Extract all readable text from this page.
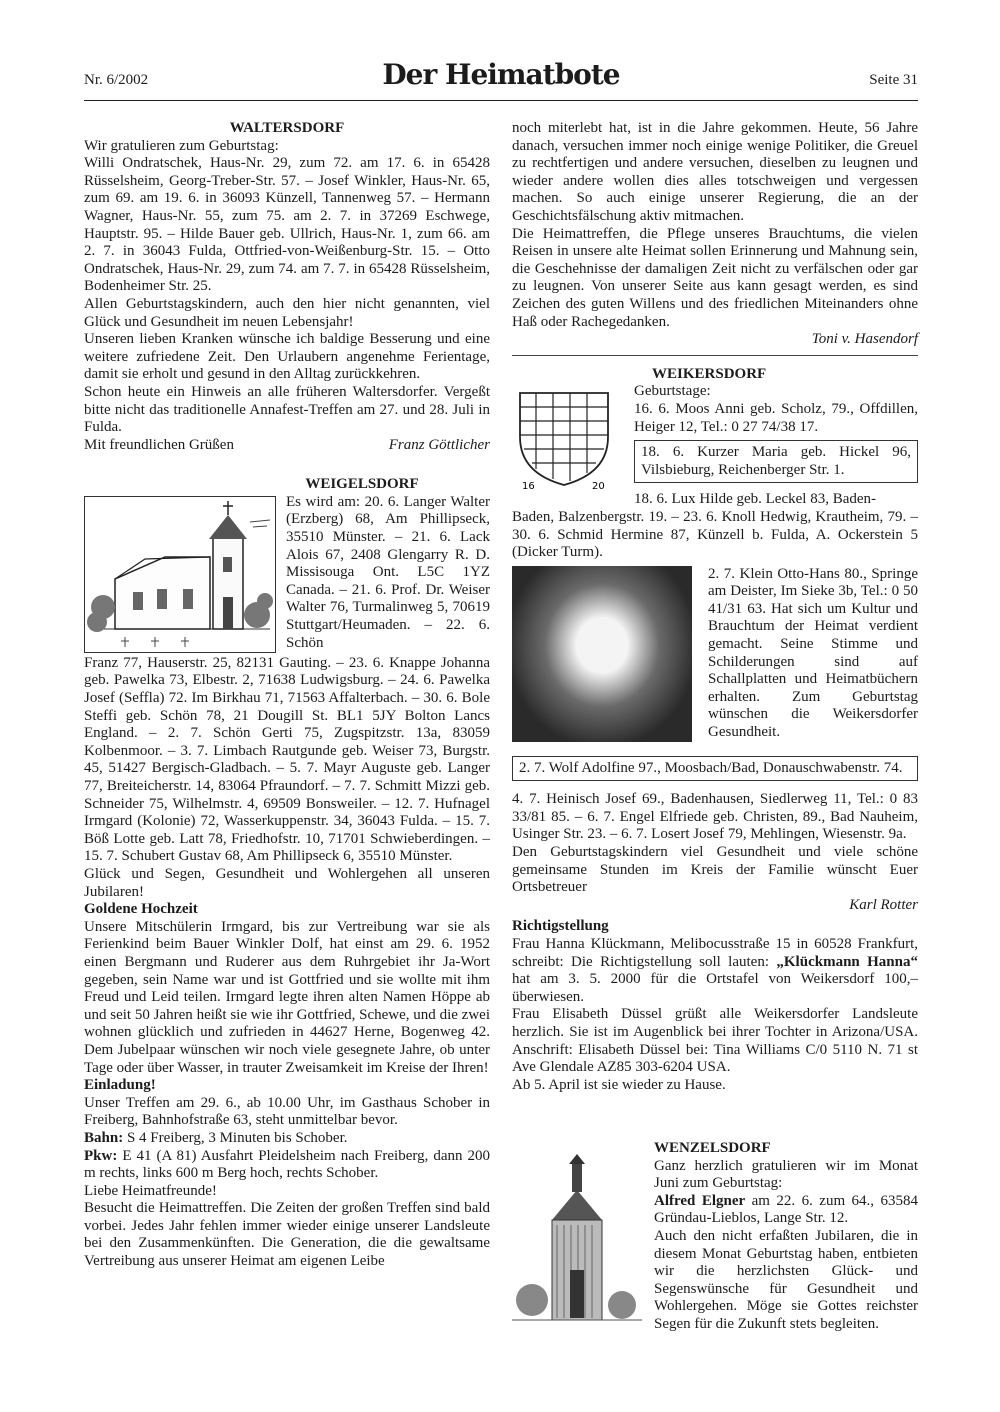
Nr. 6/2002	Der Heimatbote	Seite 31

WALTERSDORF

Wir gratulieren zum Geburtstag:

Willi Ondratschek, Haus-Nr. 29, zum 72. am 17. 6. in 65428 Rüsselsheim, Georg-Treber-Str. 57. – Josef Winkler, Haus-Nr. 65, zum 69. am 19. 6. in 36093 Künzell, Tannenweg 57. – Hermann Wagner, Haus-Nr. 55, zum 75. am 2. 7. in 37269 Eschwege, Hauptstr. 95. – Hilde Bauer geb. Ullrich, Haus-Nr. 1, zum 66. am 2. 7. in 36043 Fulda, Ottfried-von-Weißenburg-Str. 15. – Otto Ondratschek, Haus-Nr. 29, zum 74. am 7. 7. in 65428 Rüsselsheim, Bodenheimer Str. 25.

Allen Geburtstagskindern, auch den hier nicht genannten, viel Glück und Gesundheit im neuen Lebensjahr!

Unseren lieben Kranken wünsche ich baldige Besserung und eine weitere zufriedene Zeit. Den Urlaubern angenehme Ferientage, damit sie erholt und gesund in den Alltag zurückkehren.

Schon heute ein Hinweis an alle früheren Waltersdorfer. Vergeßt bitte nicht das traditionelle Annafest-Treffen am 27. und 28. Juli in Fulda.

Mit freundlichen Grüßen	Franz Göttlicher

WEIGELSDORF

Es wird am: 20. 6. Langer Walter (Erzberg) 68, Am Phillipseck, 35510 Münster. – 21. 6. Lack Alois 67, 2408 Glengarry R. D. Missisouga Ont. L5C 1YZ Canada. – 21. 6. Prof. Dr. Weiser Walter 76, Turmalinweg 5, 70619 Stuttgart/Heumaden. – 22. 6. Schön

Franz 77, Hauserstr. 25, 82131 Gauting. – 23. 6. Knappe Johanna geb. Pawelka 73, Elbestr. 2, 71638 Ludwigsburg. – 24. 6. Pawelka Josef (Seffla) 72. Im Birkhau 71, 71563 Affalterbach. – 30. 6. Bole Steffi geb. Schön 78, 21 Dougill St. BL1 5JY Bolton Lancs England. – 2. 7. Schön Gerti 75, Zugspitzstr. 13a, 83059 Kolbenmoor. – 3. 7. Limbach Rautgunde geb. Weiser 73, Burgstr. 45, 51427 Bergisch-Gladbach. – 5. 7. Mayr Auguste geb. Langer 77, Breiteicherstr. 14, 83064 Pfraundorf. – 7. 7. Schmitt Mizzi geb. Schneider 75, Wilhelmstr. 4, 69509 Bonsweiler. – 12. 7. Hufnagel Irmgard (Kolonie) 72, Wasserkuppenstr. 34, 36043 Fulda. – 15. 7. Böß Lotte geb. Latt 78, Friedhofstr. 10, 71701 Schwieberdingen. – 15. 7. Schubert Gustav 68, Am Phillipseck 6, 35510 Münster.

Glück und Segen, Gesundheit und Wohlergehen all unseren Jubilaren!

Goldene Hochzeit

Unsere Mitschülerin Irmgard, bis zur Vertreibung war sie als Ferienkind beim Bauer Winkler Dolf, hat einst am 29. 6. 1952 einen Bergmann und Ruderer aus dem Ruhrgebiet ihr Ja-Wort gegeben, sein Name war und ist Gottfried und sie wollte mit ihm Freud und Leid teilen. Irmgard legte ihren alten Namen Höppe ab und seit 50 Jahren heißt sie wie ihr Gottfried, Schewe, und die zwei wohnen glücklich und zufrieden in 44627 Herne, Bogenweg 42. Dem Jubelpaar wünschen wir noch viele gesegnete Jahre, ob unter Tage oder über Wasser, in trauter Zweisamkeit im Kreise der Ihren!

Einladung!

Unser Treffen am 29. 6., ab 10.00 Uhr, im Gasthaus Schober in Freiberg, Bahnhofstraße 63, steht unmittelbar bevor.

Bahn: S 4 Freiberg, 3 Minuten bis Schober.

Pkw: E 41 (A 81) Ausfahrt Pleidelsheim nach Freiberg, dann 200 m rechts, links 600 m Berg hoch, rechts Schober.

Liebe Heimatfreunde!

Besucht die Heimattreffen. Die Zeiten der großen Treffen sind bald vorbei. Jedes Jahr fehlen immer wieder einige unserer Landsleute bei den Zusammenkünften. Die Generation, die die gewaltsame Vertreibung aus unserer Heimat am eigenen Leibe

noch miterlebt hat, ist in die Jahre gekommen. Heute, 56 Jahre danach, versuchen immer noch einige wenige Politiker, die Greuel zu rechtfertigen und andere versuchen, dieselben zu leugnen und wieder andere wollen dies alles totschweigen und vergessen machen. So auch einige unserer Regierung, die an der Geschichtsfälschung aktiv mitmachen.

Die Heimattreffen, die Pflege unseres Brauchtums, die vielen Reisen in unsere alte Heimat sollen Erinnerung und Mahnung sein, die Geschehnisse der damaligen Zeit nicht zu verfälschen oder gar zu leugnen. Von unserer Seite aus kann gesagt werden, es sind Zeichen des guten Willens und des friedlichen Miteinanders ohne Haß oder Rachegedanken.

Toni v. Hasendorf

WEIKERSDORF

16	20

Geburtstage:

16. 6. Moos Anni geb. Scholz, 79., Offdillen, Heiger 12, Tel.: 0 27 74/38 17.

18. 6. Kurzer Maria geb. Hickel 96, Vilsbieburg, Reichenberger Str. 1.

18. 6. Lux Hilde geb. Leckel 83, Baden-

Baden, Balzenbergstr. 19. – 23. 6. Knoll Hedwig, Krautheim, 79. – 30. 6. Schmid Hermine 87, Künzell b. Fulda, A. Ockerstein 5 (Dicker Turm).

2. 7. Klein Otto-Hans 80., Springe am Deister, Im Sieke 3b, Tel.: 0 50 41/31 63. Hat sich um Kultur und Brauchtum der Heimat verdient gemacht. Seine Stimme und Schilderungen sind auf Schallplatten und Heimatbüchern erhalten. Zum Geburtstag wünschen die Weikersdorfer Gesundheit.

2. 7. Wolf Adolfine 97., Moosbach/Bad, Donauschwabenstr. 74.

4. 7. Heinisch Josef 69., Badenhausen, Siedlerweg 11, Tel.: 0 83 33/81 85. – 6. 7. Engel Elfriede geb. Christen, 89., Bad Nauheim, Usinger Str. 23. – 6. 7. Losert Josef 79, Mehlingen, Wiesenstr. 9a.

Den Geburtstagskindern viel Gesundheit und viele schöne gemeinsame Stunden im Kreis der Familie wünscht Euer Ortsbetreuer

Karl Rotter

Richtigstellung

Frau Hanna Klückmann, Melibocusstraße 15 in 60528 Frankfurt, schreibt: Die Richtigstellung soll lauten: „Klückmann Hanna“ hat am 3. 5. 2000 für die Ortstafel von Weikersdorf 100,– überwiesen.

Frau Elisabeth Düssel grüßt alle Weikersdorfer Landsleute herzlich. Sie ist im Augenblick bei ihrer Tochter in Arizona/USA. Anschrift: Elisabeth Düssel bei: Tina Williams C/0 5110 N. 71 st Ave Glendale AZ85 303-6204 USA.

Ab 5. April ist sie wieder zu Hause.

WENZELSDORF

Ganz herzlich gratulieren wir im Monat Juni zum Geburtstag:

Alfred Elgner am 22. 6. zum 64., 63584 Gründau-Lieblos, Lange Str. 12.

Auch den nicht erfaßten Jubilaren, die in diesem Monat Geburtstag haben, entbieten wir die herzlichsten Glück- und Segenswünsche für Gesundheit und Wohlergehen. Möge sie Gottes reichster Segen für die Zukunft stets begleiten.
